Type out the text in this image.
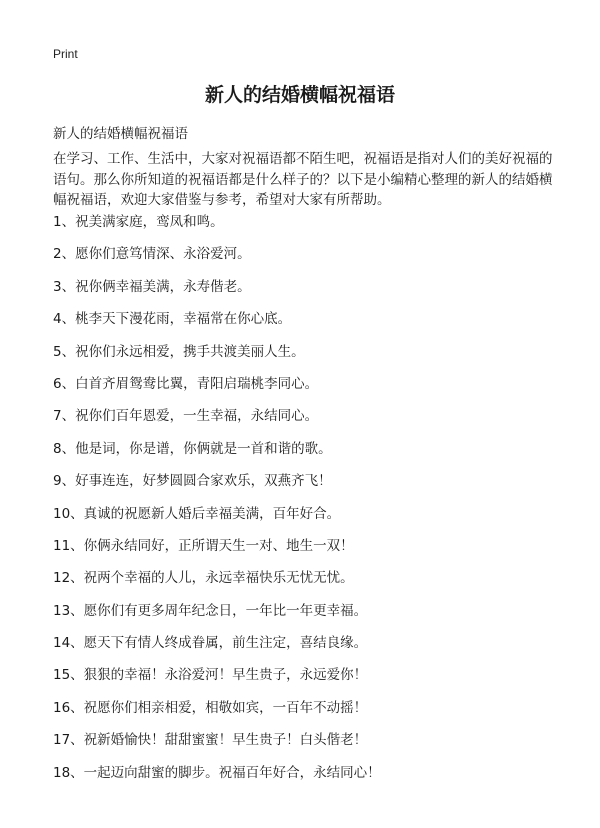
Print
新人的结婚横幅祝福语

新人的结婚横幅祝福语

在学习、工作、生活中，大家对祝福语都不陌生吧，祝福语是指对人们的美好祝福的语句。那么你所知道的祝福语都是什么样子的？以下是小编精心整理的新人的结婚横幅祝福语，欢迎大家借鉴与参考，希望对大家有所帮助。

1、祝美满家庭，鸾凤和鸣。
2、愿你们意笃情深、永浴爱河。
3、祝你俩幸福美满，永寿偕老。
4、桃李天下漫花雨，幸福常在你心底。
5、祝你们永远相爱，携手共渡美丽人生。
6、白首齐眉鸳鸯比翼，青阳启瑞桃李同心。
7、祝你们百年恩爱，一生幸福，永结同心。
8、他是词，你是谱，你俩就是一首和谐的歌。
9、好事连连，好梦圆圆合家欢乐，双燕齐飞！
10、真诚的祝愿新人婚后幸福美满，百年好合。
11、你俩永结同好，正所谓天生一对、地生一双！
12、祝两个幸福的人儿，永远幸福快乐无忧无忧。
13、愿你们有更多周年纪念日，一年比一年更幸福。
14、愿天下有情人终成眷属，前生注定，喜结良缘。
15、狠狠的幸福！永浴爱河！早生贵子，永远爱你！
16、祝愿你们相亲相爱，相敬如宾，一百年不动摇！
17、祝新婚愉快！甜甜蜜蜜！早生贵子！白头偕老！
18、一起迈向甜蜜的脚步。祝福百年好合，永结同心！
